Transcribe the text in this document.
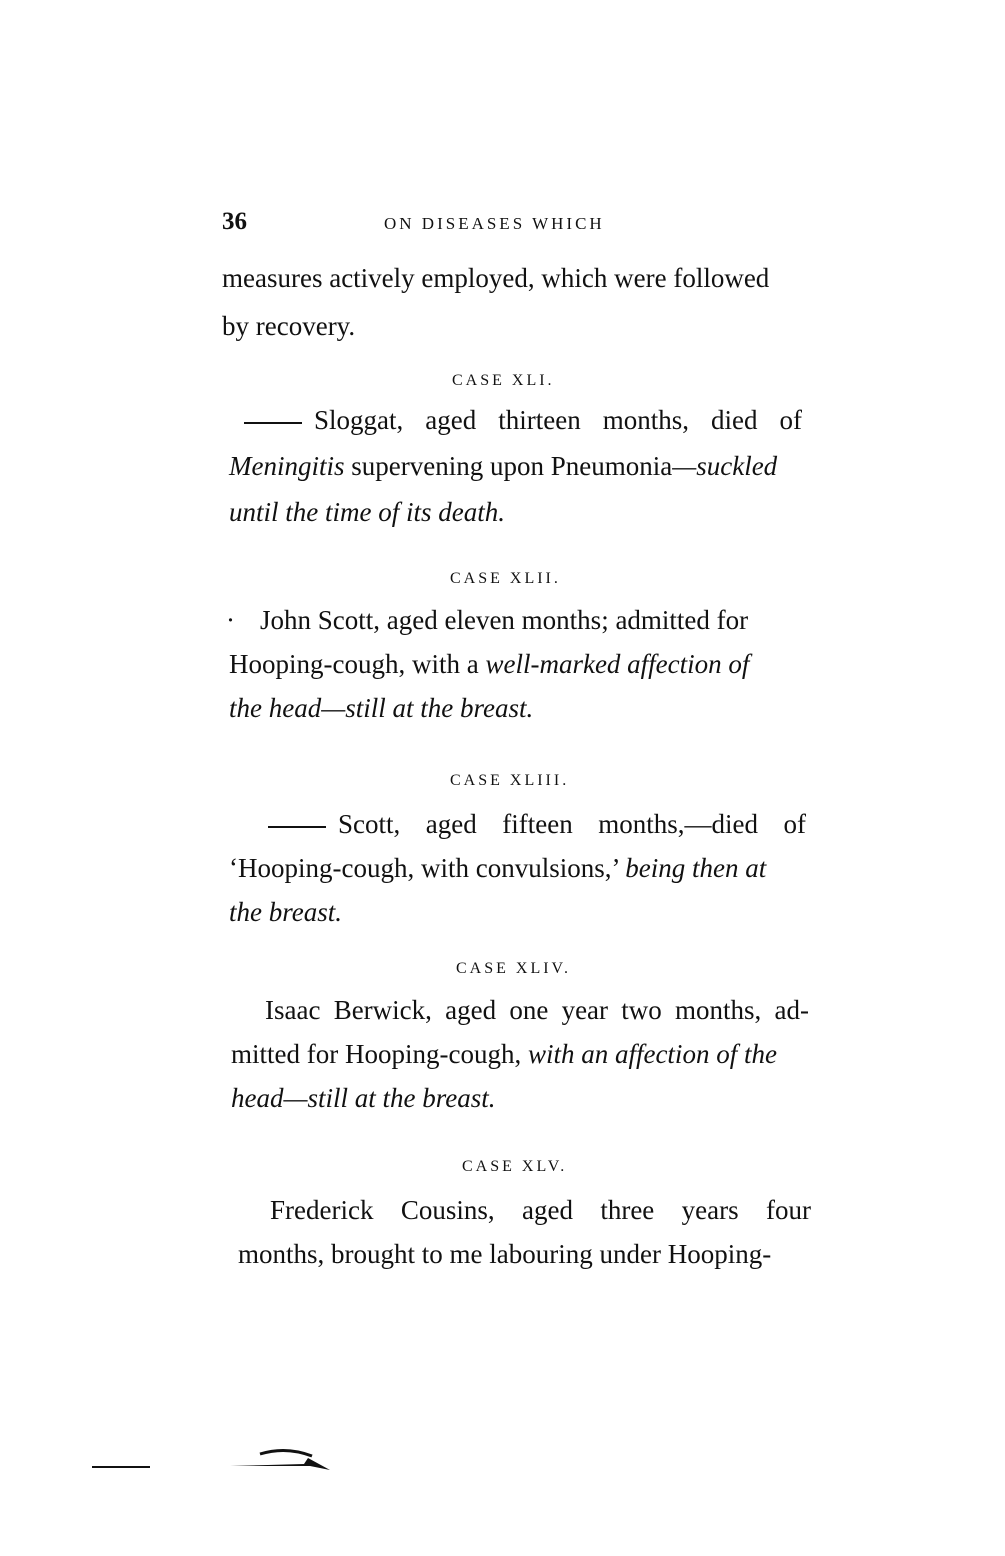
36	ON DISEASES WHICH
measures actively employed, which were followed
by recovery.
CASE XLI.
Sloggat, aged thirteen months, died of
Meningitis supervening upon Pneumonia—suckled
until the time of its death.
CASE XLII.
· John Scott, aged eleven months; admitted for
Hooping-cough, with a well-marked affection of
the head—still at the breast.
CASE XLIII.
Scott, aged fifteen months,—died of
‘Hooping-cough, with convulsions,’ being then at
the breast.
CASE XLIV.
Isaac Berwick, aged one year two months, ad-
mitted for Hooping-cough, with an affection of the
head—still at the breast.
CASE XLV.
Frederick Cousins, aged three years four
months, brought to me labouring under Hooping-
